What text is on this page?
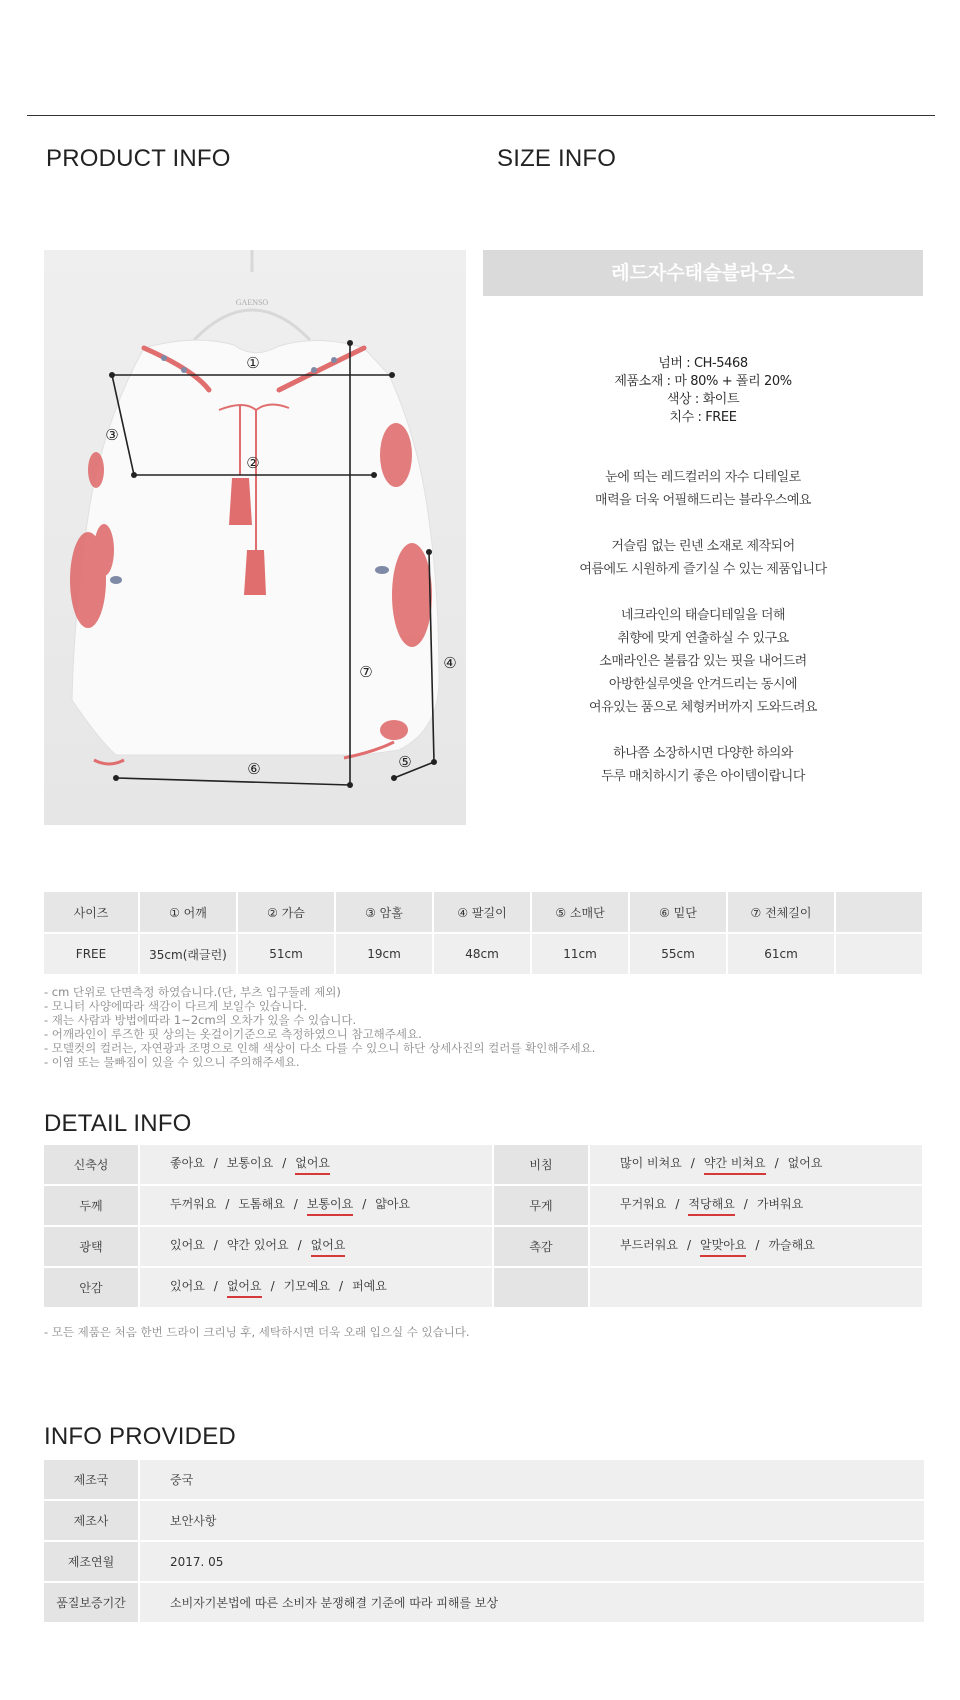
PRODUCT INFO	SIZE INFO
GAENSO
①
②
③
④
⑤
⑥
⑦
레드자수태슬블라우스
넘버 : CH-5468
제품소재 : 마 80% + 폴리 20%
색상 : 화이트
치수 : FREE
눈에 띄는 레드컬러의 자수 디테일로
매력을 더욱 어필해드리는 블라우스예요
거슬림 없는 린넨 소재로 제작되어
여름에도 시원하게 즐기실 수 있는 제품입니다
네크라인의 태슬디테일을 더해
취향에 맞게 연출하실 수 있구요
소매라인은 볼륨감 있는 핏을 내어드려
아방한실루엣을 안겨드리는 동시에
여유있는 품으로 체형커버까지 도와드려요
하나쯤 소장하시면 다양한 하의와
두루 매치하시기 좋은 아이템이랍니다
사이즈	① 어깨	② 가슴	③ 암홀	④ 팔길이	⑤ 소매단	⑥ 밑단	⑦ 전체길이	
FREE	35cm(래글런)	51cm	19cm	48cm	11cm	55cm	61cm	
- cm 단위로 단면측정 하였습니다.(단, 부츠 입구둘레 제외)
- 모니터 사양에따라 색감이 다르게 보일수 있습니다.
- 재는 사람과 방법에따라 1~2cm의 오차가 있을 수 있습니다.
- 어깨라인이 루즈한 핏 상의는 옷걸이기준으로 측정하였으니 참고해주세요.
- 모델컷의 컬러는, 자연광과 조명으로 인해 색상이 다소 다를 수 있으니 하단 상세사진의 컬러를 확인해주세요.
- 이염 또는 물빠짐이 있을 수 있으니 주의해주세요.
DETAIL INFO
신축성	좋아요 / 보통이요 / 없어요	비침	많이 비쳐요 / 약간 비쳐요 / 없어요
두께	두꺼워요 / 도톰해요 / 보통이요 / 얇아요	무게	무거워요 / 적당해요 / 가벼워요
광택	있어요 / 약간 있어요 / 없어요	촉감	부드러워요 / 알맞아요 / 까슬해요
안감	있어요 / 없어요 / 기모예요 / 퍼예요		
- 모든 제품은 처음 한번 드라이 크리닝 후, 세탁하시면 더욱 오래 입으실 수 있습니다.
INFO PROVIDED
제조국	중국
제조사	보안사항
제조연월	2017. 05
품질보증기간	소비자기본법에 따른 소비자 분쟁해결 기준에 따라 피해를 보상
